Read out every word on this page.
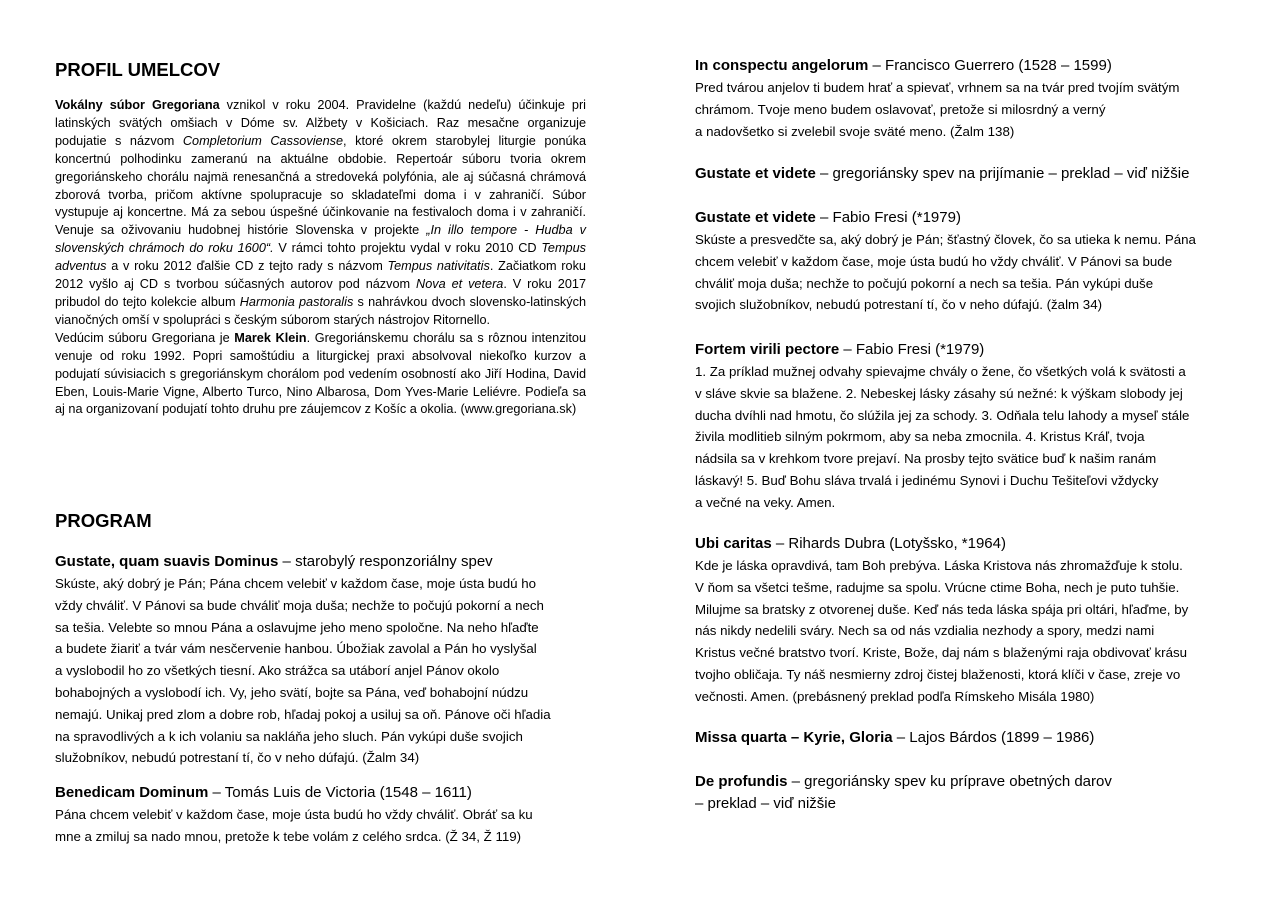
PROFIL UMELCOV

Vokálny súbor Gregoriana vznikol v roku 2004. Pravidelne (každú nedeľu) účinkuje pri latinských svätých omšiach v Dóme sv. Alžbety v Košiciach. Raz mesačne organizuje podujatie s názvom Completorium Cassoviense, ktoré okrem starobylej liturgie ponúka koncertnú polhodinku zameranú na aktuálne obdobie. Repertoár súboru tvoria okrem gregoriánskeho chorálu najmä renesančná a stredoveká polyfónia, ale aj súčasná chrámová zborová tvorba, pričom aktívne spolupracuje so skladateľmi doma i v zahraničí. Súbor vystupuje aj koncertne. Má za sebou úspešné účinkovanie na festivaloch doma i v zahraničí. Venuje sa oživovaniu hudobnej histórie Slovenska v projekte „In illo tempore - Hudba v slovenských chrámoch do roku 1600“. V rámci tohto projektu vydal v roku 2010 CD Tempus adventus a v roku 2012 ďalšie CD z tejto rady s názvom Tempus nativitatis. Začiatkom roku 2012 vyšlo aj CD s tvorbou súčasných autorov pod názvom Nova et vetera. V roku 2017 pribudol do tejto kolekcie album Harmonia pastoralis s nahrávkou dvoch slovensko-latinských vianočných omší v spolupráci s českým súborom starých nástrojov Ritornello.

Vedúcim súboru Gregoriana je Marek Klein. Gregoriánskemu chorálu sa s rôznou intenzitou venuje od roku 1992. Popri samoštúdiu a liturgickej praxi absolvoval niekoľko kurzov a podujatí súvisiacich s gregoriánskym chorálom pod vedením osobností ako Jiří Hodina, David Eben, Louis-Marie Vigne, Alberto Turco, Nino Albarosa, Dom Yves-Marie Leliévre. Podieľa sa aj na organizovaní podujatí tohto druhu pre záujemcov z Košíc a okolia. (www.gregoriana.sk)

PROGRAM
Gustate, quam suavis Dominus – starobylý responzoriálny spev
Skúste, aký dobrý je Pán; Pána chcem velebiť v každom čase, moje ústa budú ho
vždy chváliť. V Pánovi sa bude chváliť moja duša; nechže to počujú pokorní a nech
sa tešia. Velebte so mnou Pána a oslavujme jeho meno spoločne. Na neho hľaďte
a budete žiariť a tvár vám nesčervenie hanbou. Úbožiak zavolal a Pán ho vyslyšal
a vyslobodil ho zo všetkých tiesní. Ako strážca sa utáborí anjel Pánov okolo
bohabojných a vyslobodí ich. Vy, jeho svätí, bojte sa Pána, veď bohabojní núdzu
nemajú. Unikaj pred zlom a dobre rob, hľadaj pokoj a usiluj sa oň. Pánove oči hľadia
na spravodlivých a k ich volaniu sa nakláňa jeho sluch. Pán vykúpi duše svojich
služobníkov, nebudú potrestaní tí, čo v neho dúfajú. (Žalm 34)
Benedicam Dominum – Tomás Luis de Victoria (1548 – 1611)
Pána chcem velebiť v každom čase, moje ústa budú ho vždy chváliť. Obráť sa ku
mne a zmiluj sa nado mnou, pretože k tebe volám z celého srdca. (Ž 34, Ž 119)
In conspectu angelorum – Francisco Guerrero (1528 – 1599)
Pred tvárou anjelov ti budem hrať a spievať, vrhnem sa na tvár pred tvojím svätým
chrámom. Tvoje meno budem oslavovať, pretože si milosrdný a verný
a nadovšetko si zvelebil svoje sväté meno. (Žalm 138)
Gustate et videte – gregoriánsky spev na prijímanie – preklad – viď nižšie
Gustate et videte – Fabio Fresi (*1979)
Skúste a presvedčte sa, aký dobrý je Pán; šťastný človek, čo sa utieka k nemu. Pána
chcem velebiť v každom čase, moje ústa budú ho vždy chváliť. V Pánovi sa bude
chváliť moja duša; nechže to počujú pokorní a nech sa tešia. Pán vykúpi duše
svojich služobníkov, nebudú potrestaní tí, čo v neho dúfajú. (žalm 34)
Fortem virili pectore – Fabio Fresi (*1979)
1. Za príklad mužnej odvahy spievajme chvály o žene, čo všetkých volá k svätosti a
v sláve skvie sa blažene. 2. Nebeskej lásky zásahy sú nežné: k výškam slobody jej
ducha dvíhli nad hmotu, čo slúžila jej za schody. 3. Odňala telu lahody a myseľ stále
živila modlitieb silným pokrmom, aby sa neba zmocnila. 4. Kristus Kráľ, tvoja
nádsila sa v krehkom tvore prejaví. Na prosby tejto svätice buď k našim ranám
láskavý! 5. Buď Bohu sláva trvalá i jedinému Synovi i Duchu Tešiteľovi vždycky
a večné na veky. Amen.
Ubi caritas – Rihards Dubra (Lotyšsko, *1964)
Kde je láska opravdivá, tam Boh prebýva. Láska Kristova nás zhromažďuje k stolu.
V ňom sa všetci tešme, radujme sa spolu. Vrúcne ctime Boha, nech je puto tuhšie.
Milujme sa bratsky z otvorenej duše. Keď nás teda láska spája pri oltári, hľaďme, by
nás nikdy nedelili sváry. Nech sa od nás vzdialia nezhody a spory, medzi nami
Kristus večné bratstvo tvorí. Kriste, Bože, daj nám s blaženými raja obdivovať krásu
tvojho obličaja. Ty náš nesmierny zdroj čistej blaženosti, ktorá klíči v čase, zreje vo
večnosti. Amen. (prebásnený preklad podľa Rímskeho Misála 1980)
Missa quarta – Kyrie, Gloria – Lajos Bárdos (1899 – 1986)
De profundis – gregoriánsky spev ku príprave obetných darov
– preklad – viď nižšie
